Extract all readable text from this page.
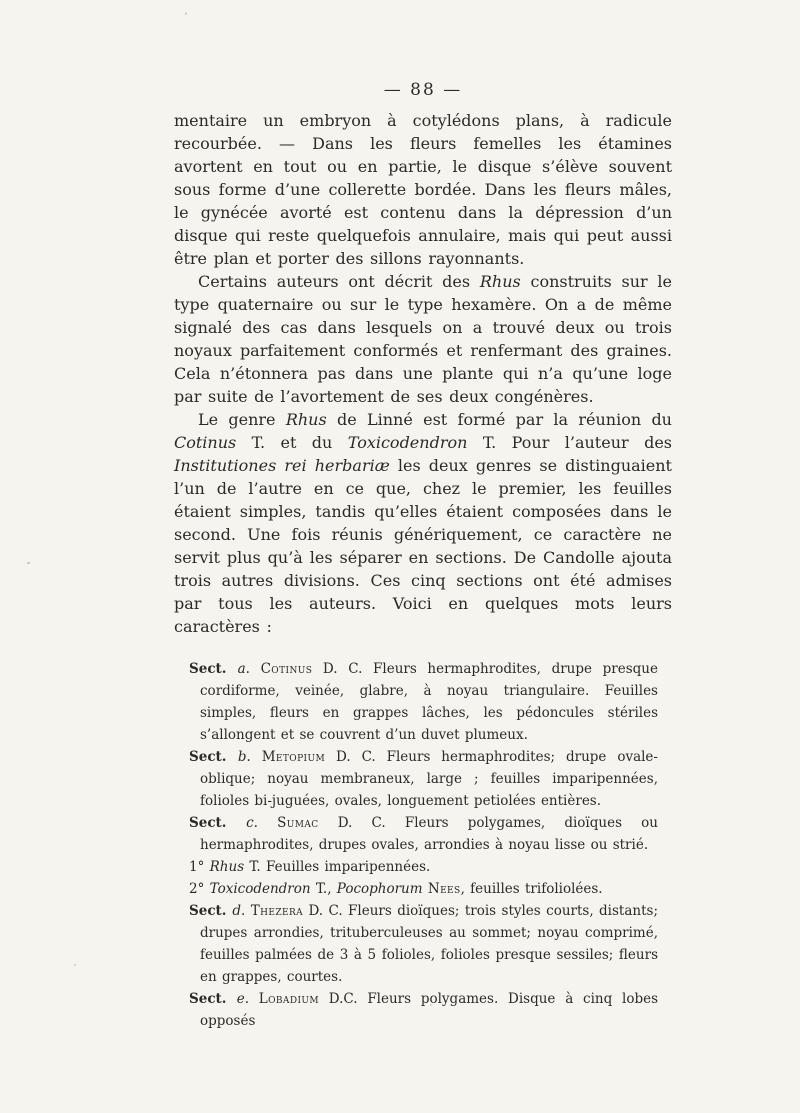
— 88 —

mentaire un embryon à cotylédons plans, à radicule recourbée. — Dans les fleurs femelles les étamines avortent en tout ou en partie, le disque s’élève souvent sous forme d’une collerette bordée. Dans les fleurs mâles, le gynécée avorté est contenu dans la dépression d’un disque qui reste quelquefois annulaire, mais qui peut aussi être plan et porter des sillons rayonnants.

Certains auteurs ont décrit des Rhus construits sur le type quaternaire ou sur le type hexamère. On a de même signalé des cas dans lesquels on a trouvé deux ou trois noyaux parfaitement conformés et renfermant des graines. Cela n’étonnera pas dans une plante qui n’a qu’une loge par suite de l’avortement de ses deux congénères.

Le genre Rhus de Linné est formé par la réunion du Cotinus T. et du Toxicodendron T. Pour l’auteur des Institutiones rei herbariæ les deux genres se distinguaient l’un de l’autre en ce que, chez le premier, les feuilles étaient simples, tandis qu’elles étaient composées dans le second. Une fois réunis génériquement, ce caractère ne servit plus qu’à les séparer en sections. De Candolle ajouta trois autres divisions. Ces cinq sections ont été admises par tous les auteurs. Voici en quelques mots leurs caractères :

Sect. a. Cotinus D. C. Fleurs hermaphrodites, drupe presque cordiforme, veinée, glabre, à noyau triangulaire. Feuilles simples, fleurs en grappes lâches, les pédoncules stériles s’allongent et se couvrent d’un duvet plumeux.

Sect. b. Metopium D. C. Fleurs hermaphrodites; drupe ovale-oblique; noyau membraneux, large ; feuilles imparipennées, folioles bi-juguées, ovales, longuement petiolées entières.

Sect. c. Sumac D. C. Fleurs polygames, dioïques ou hermaphrodites, drupes ovales, arrondies à noyau lisse ou strié.

1° Rhus T. Feuilles imparipennées.

2° Toxicodendron T., Pocophorum Nees, feuilles trifoliolées.

Sect. d. Thezera D. C. Fleurs dioïques; trois styles courts, distants; drupes arrondies, trituberculeuses au sommet; noyau comprimé, feuilles palmées de 3 à 5 folioles, folioles presque sessiles; fleurs en grappes, courtes.

Sect. e. Lobadium D.C. Fleurs polygames. Disque à cinq lobes opposés
